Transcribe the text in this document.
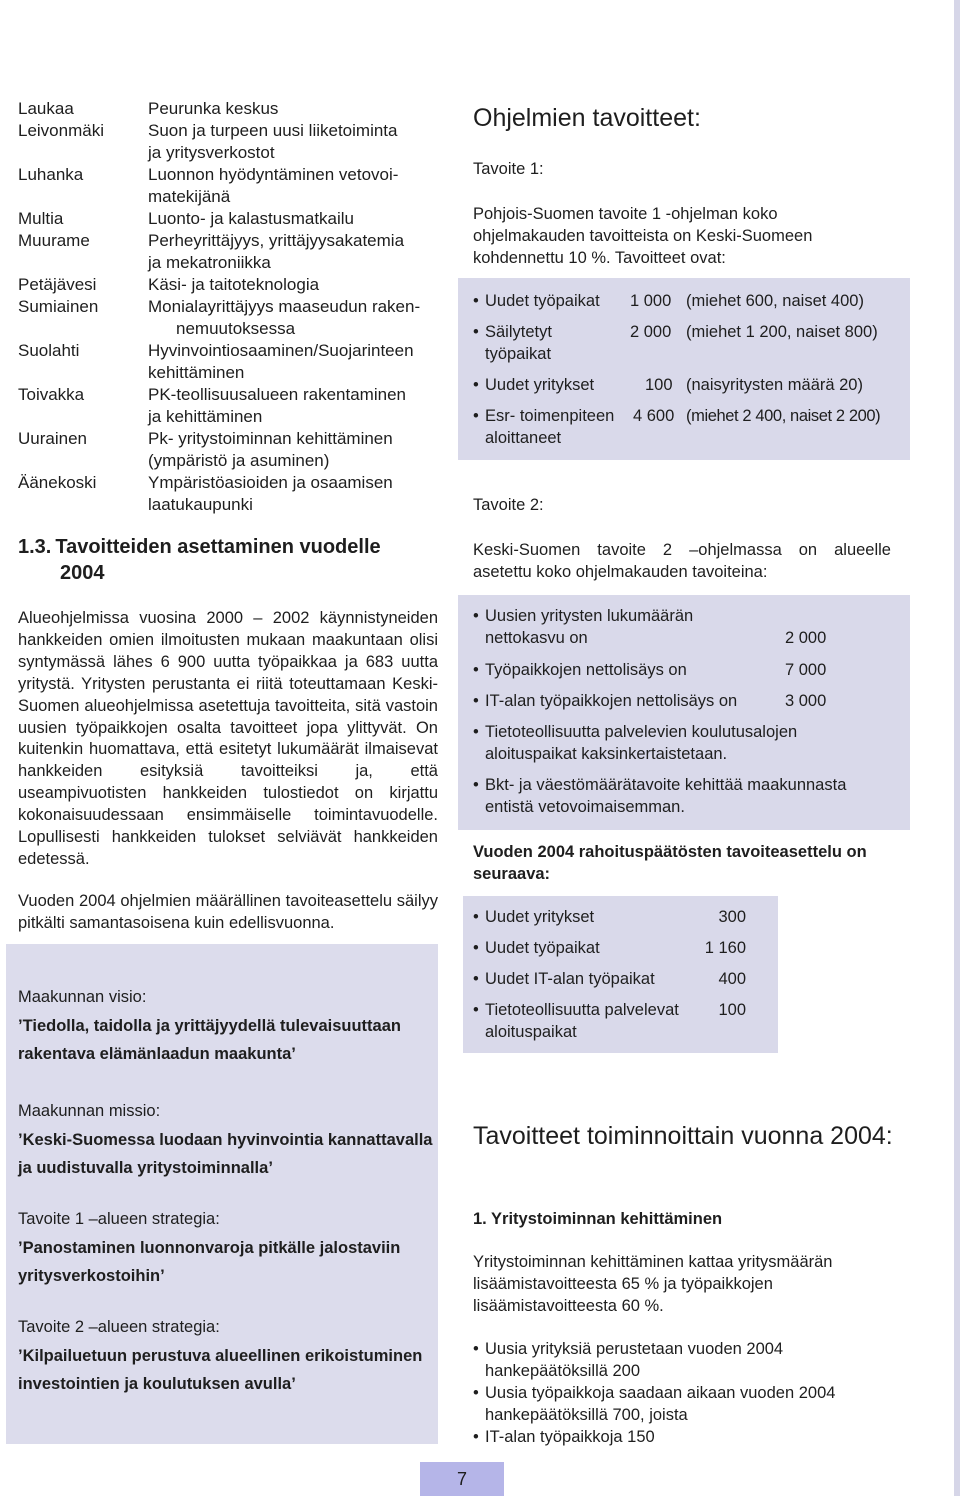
Laukaa	Peurunka keskus
Leivonmäki	Suon ja turpeen uusi liiketoiminta
ja yritysverkostot
Luhanka	Luonnon hyödyntäminen vetovoi-
matekijänä
Multia	Luonto- ja kalastusmatkailu
Muurame	Perheyrittäjyys, yrittäjyysakatemia
ja mekatroniikka
Petäjävesi	Käsi- ja taitoteknologia
Sumiainen	Monialayrittäjyys maaseudun raken-
nemuutoksessa
Suolahti	Hyvinvointiosaaminen/Suojarinteen
kehittäminen
Toivakka	PK-teollisuusalueen rakentaminen
ja kehittäminen
Uurainen	Pk- yritystoiminnan kehittäminen
(ympäristö ja asuminen)
Äänekoski	Ympäristöasioiden ja osaamisen
laatukaupunki
1.3. Tavoitteiden asettaminen vuodelle
2004

Alueohjelmissa vuosina 2000 – 2002 käynnistyneiden hankkeiden omien ilmoitusten mukaan maakuntaan olisi syntymässä lähes 6 900 uutta työpaikkaa ja 683 uutta yritystä. Yritysten perustanta ei riitä toteuttamaan Keski-Suomen alueohjelmissa asetettuja tavoitteita, sitä vastoin uusien työpaikkojen osalta tavoitteet jopa ylittyvät. On kuitenkin huomattava, että esitetyt lukumäärät ilmaisevat hankkeiden esityksiä tavoitteiksi ja, että useampivuotisten hankkeiden tulostiedot on kirjattu kokonaisuudessaan ensimmäiselle toimintavuodelle. Lopullisesti hankkeiden tulokset selviävät hankkeiden edetessä.

Vuoden 2004 ohjelmien määrällinen tavoiteasettelu säilyy pitkälti samantasoisena kuin edellisvuonna.

Maakunnan visio:
’Tiedolla, taidolla ja yrittäjyydellä tulevaisuuttaan rakentava elämänlaadun maakunta’
Maakunnan missio:
’Keski-Suomessa luodaan hyvinvointia kannattavalla ja uudistuvalla yritystoiminnalla’
Tavoite 1 –alueen strategia:
’Panostaminen luonnonvaroja pitkälle jalostaviin yritysverkostoihin’
Tavoite 2 –alueen strategia:
’Kilpailuetuun perustuva alueellinen erikoistuminen investointien ja koulutuksen avulla’
Ohjelmien tavoitteet:
Tavoite 1:
Pohjois-Suomen tavoite 1 -ohjelman koko ohjelmakauden tavoitteista on Keski-Suomeen kohdennettu 10 %. Tavoitteet ovat:
• Uudet työpaikat	1 000 (miehet 600, naiset 400)
• Säilytetyt
työpaikat
2 000 (miehet 1 200, naiset 800)
• Uudet yritykset	100 (naisyritysten määrä 20)
• Esr- toimenpiteen
aloittaneet
4 600 (miehet 2 400, naiset 2 200)
Tavoite 2:
Keski-Suomen tavoite 2 –ohjelmassa on alueelle asetettu koko ohjelmakauden tavoiteina:
• Uusien yritysten lukumäärän
nettokasvu on	2 000
• Työpaikkojen nettolisäys on	7 000
• IT-alan työpaikkojen nettolisäys on	3 000
• Tietoteollisuutta palvelevien koulutusalojen
aloituspaikat kaksinkertaistetaan.
• Bkt- ja väestömäärätavoite kehittää maakunnasta
entistä vetovoimaisemman.
Vuoden 2004 rahoituspäätösten tavoiteasettelu on seuraava:
• Uudet yritykset	300
• Uudet työpaikat	1 160
• Uudet IT-alan työpaikat	400
• Tietoteollisuutta palvelevat
aloituspaikat
100
Tavoitteet toiminnoittain vuonna 2004:
1. Yritystoiminnan kehittäminen
Yritystoiminnan kehittäminen kattaa yritysmäärän lisäämistavoitteesta 65 % ja työpaikkojen lisäämistavoitteesta 60 %.
• Uusia yrityksiä perustetaan vuoden 2004 hankepäätöksillä 200
• Uusia työpaikkoja saadaan aikaan vuoden 2004 hankepäätöksillä 700, joista
• IT-alan työpaikkoja 150
7
